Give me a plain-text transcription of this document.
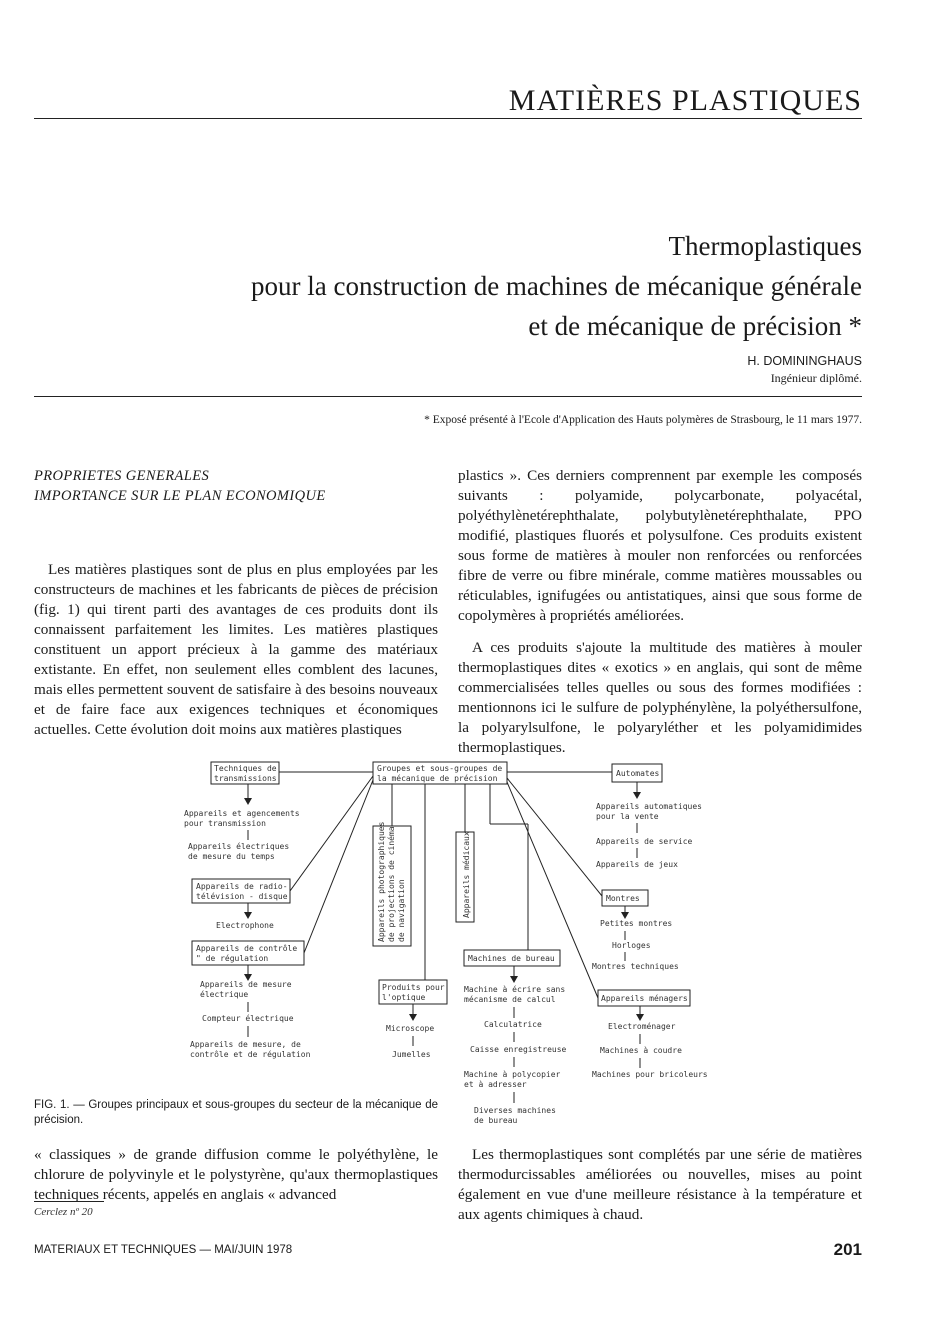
MATIÈRES PLASTIQUES
Thermoplastiques
pour la construction de machines de mécanique générale
et de mécanique de précision *
H. DOMININGHAUS
Ingénieur diplômé.
* Exposé présenté à l'Ecole d'Application des Hauts polymères de Strasbourg, le 11 mars 1977.
PROPRIETES GENERALES
IMPORTANCE SUR LE PLAN ECONOMIQUE

Les matières plastiques sont de plus en plus employées par les constructeurs de machines et les fabricants de pièces de précision (fig. 1) qui tirent parti des avantages de ces produits dont ils connaissent parfaitement les limites. Les matières plastiques constituent un apport précieux à la gamme des matériaux extistante. En effet, non seulement elles comblent des lacunes, mais elles permettent souvent de satisfaire à des besoins nouveaux et de faire face aux exigences techniques et économiques actuelles. Cette évolution doit moins aux matières plastiques

plastics ». Ces derniers comprennent par exemple les composés suivants : polyamide, polycarbonate, polyacétal, polyéthylènetérephthalate, polybutylènetérephthalate, PPO modifié, plastiques fluorés et polysulfone. Ces produits existent sous forme de matières à mouler non renforcées ou renforcées fibre de verre ou fibre minérale, comme matières moussables ou réticulables, ignifugées ou antistatiques, ainsi que sous forme de copolymères à propriétés améliorées.

A ces produits s'ajoute la multitude des matières à mouler thermoplastiques dites « exotics » en anglais, qui sont de même commercialisées telles quelles ou sous des formes modifiées : mentionnons ici le sulfure de polyphénylène, la polyéthersulfone, la polyarylsulfone, le polyaryléther et les polyamidimides thermoplastiques.

Groupes et sous-groupes de
la mécanique de précision
Techniques de
transmissions
Appareils et agencements
pour transmission
Appareils électriques
de mesure du temps
Appareils de radio-
télévision - disque
Electrophone
Appareils de contrôle
" de régulation
Appareils de mesure
électrique
Compteur électrique
Appareils de mesure, de
contrôle et de régulation
Appareils photographiques de projections de cinéma de navigation
Produits pour
l'optique
Microscope
Jumelles
Appareils médicaux
Machines de bureau
Machine à écrire sans
mécanisme de calcul
Calculatrice
Caisse enregistreuse
Machine à polycopier
et à adresser
Diverses machines
de bureau
Automates
Appareils automatiques
pour la vente
Appareils de service
Appareils de jeux
Montres
Petites montres
Horloges
Montres techniques
Appareils ménagers
Electroménager
Machines à coudre
Machines pour bricoleurs
FIG. 1. — Groupes principaux et sous-groupes du secteur de la mécanique de précision.

« classiques » de grande diffusion comme le polyéthylène, le chlorure de polyvinyle et le polystyrène, qu'aux thermoplastiques techniques récents, appelés en anglais « advanced

Les thermoplastiques sont complétés par une série de matières thermodurcissables améliorées ou nouvelles, mises au point également en vue d'une meilleure résistance à la température et aux agents chimiques à chaud.

Cerclez nº 20
MATERIAUX ET TECHNIQUES — MAI/JUIN 1978	201
